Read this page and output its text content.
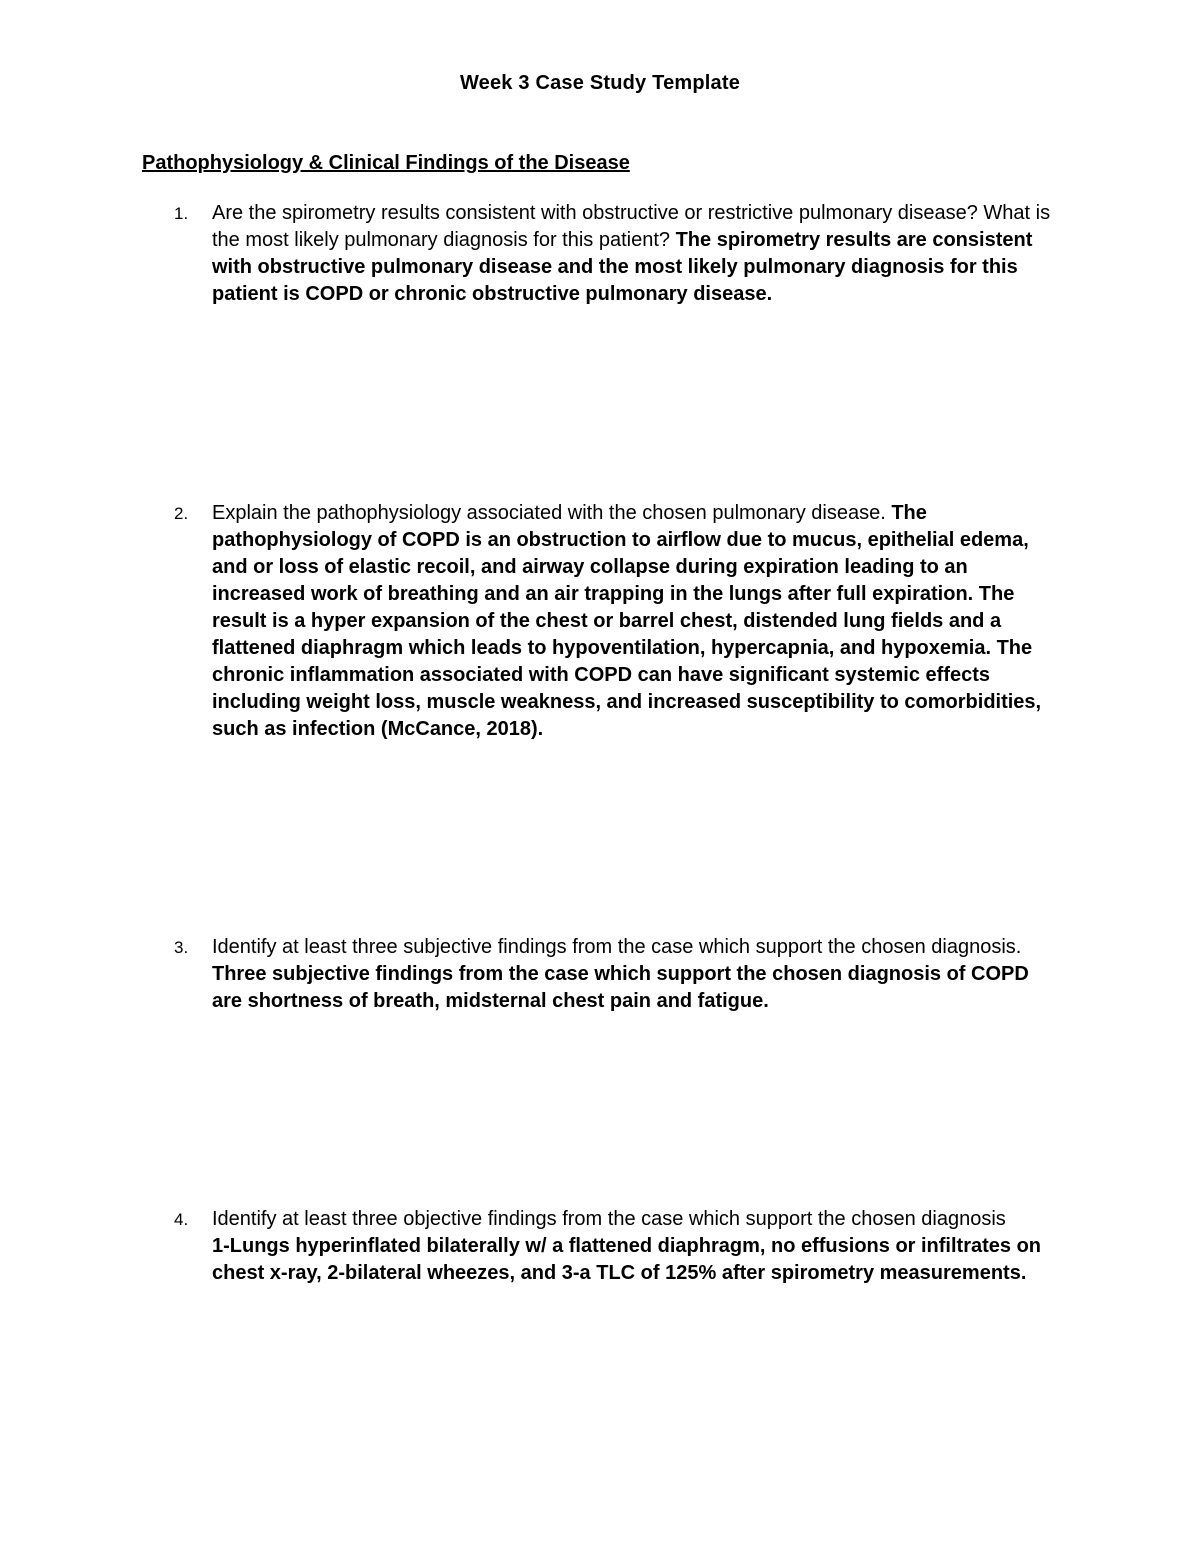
Week 3 Case Study Template
Pathophysiology & Clinical Findings of the Disease
1.	Are the spirometry results consistent with obstructive or restrictive pulmonary disease? What is the most likely pulmonary diagnosis for this patient? The spirometry results are consistent with obstructive pulmonary disease and the most likely pulmonary diagnosis for this patient is COPD or chronic obstructive pulmonary disease.
2.	Explain the pathophysiology associated with the chosen pulmonary disease. The pathophysiology of COPD is an obstruction to airflow due to mucus, epithelial edema, and or loss of elastic recoil, and airway collapse during expiration leading to an increased work of breathing and an air trapping in the lungs after full expiration. The result is a hyper expansion of the chest or barrel chest, distended lung fields and a flattened diaphragm which leads to hypoventilation, hypercapnia, and hypoxemia. The chronic inflammation associated with COPD can have significant systemic effects including weight loss, muscle weakness, and increased susceptibility to comorbidities, such as infection (McCance, 2018).
3.	Identify at least three subjective findings from the case which support the chosen diagnosis.
Three subjective findings from the case which support the chosen diagnosis of COPD are shortness of breath, midsternal chest pain and fatigue.
4.	Identify at least three objective findings from the case which support the chosen diagnosis
1-Lungs hyperinflated bilaterally w/ a flattened diaphragm, no effusions or infiltrates on chest x-ray, 2-bilateral wheezes, and 3-a TLC of 125% after spirometry measurements.
